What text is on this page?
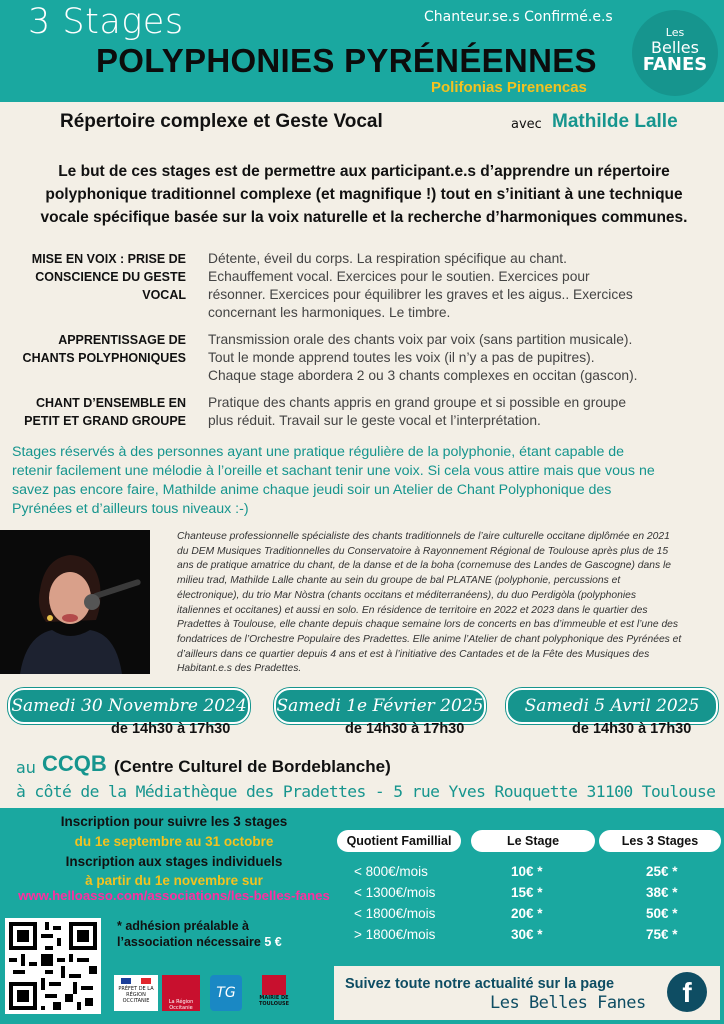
3 Stages	Chanteur.se.s Confirmé.e.s
POLYPHONIES PYRÉNÉENNES
Polifonias Pirenencas
Les
Belles
FANES
Répertoire complexe et Geste Vocal	avec Mathilde Lalle
Le but de ces stages est de permettre aux participant.e.s d’apprendre un répertoire
polyphonique traditionnel complexe (et magnifique !) tout en s’initiant à une technique
vocale spécifique basée sur la voix naturelle et la recherche d’harmoniques communes.
MISE EN VOIX : PRISE DE
CONSCIENCE DU GESTE
VOCAL
Détente, éveil du corps. La respiration spécifique au chant.
Echauffement vocal. Exercices pour le soutien. Exercices pour
résonner. Exercices pour équilibrer les graves et les aigus.. Exercices
concernant les harmoniques. Le timbre.
APPRENTISSAGE DE
CHANTS POLYPHONIQUES
Transmission orale des chants voix par voix (sans partition musicale).
Tout le monde apprend toutes les voix (il n’y a pas de pupitres).
Chaque stage abordera 2 ou 3 chants complexes en occitan (gascon).
CHANT D’ENSEMBLE EN
PETIT ET GRAND GROUPE
Pratique des chants appris en grand groupe et si possible en groupe
plus réduit. Travail sur le geste vocal et l’interprétation.
Stages réservés à des personnes ayant une pratique régulière de la polyphonie, étant capable de
retenir facilement une mélodie à l’oreille et sachant tenir une voix. Si cela vous attire mais que vous ne
savez pas encore faire, Mathilde anime chaque jeudi soir un Atelier de Chant Polyphonique des
Pyrénées et d’ailleurs tous niveaux :-)
Chanteuse professionnelle spécialiste des chants traditionnels de l’aire culturelle occitane diplômée en 2021
du DEM Musiques Traditionnelles du Conservatoire à Rayonnement Régional de Toulouse après plus de 15
ans de pratique amatrice du chant, de la danse et de la boha (cornemuse des Landes de Gascogne) dans le
milieu trad, Mathilde Lalle chante au sein du groupe de bal PLATANE (polyphonie, percussions et
électronique), du trio Mar Nòstra (chants occitans et méditerranéens), du duo Perdigòla (polyphonies
italiennes et occitanes) et aussi en solo. En résidence de territoire en 2022 et 2023 dans le quartier des
Pradettes à Toulouse, elle chante depuis chaque semaine lors de concerts en bas d’immeuble et est l’une des
fondatrices de l’Orchestre Populaire des Pradettes. Elle anime l’Atelier de chant polyphonique des Pyrénées et
d’ailleurs dans ce quartier depuis 4 ans et est à l’initiative des Cantades et de la Fête des Musiques des
Habitant.e.s des Pradettes.
Samedi 30 Novembre 2024
de 14h30 à 17h30
Samedi 1e Février 2025
de 14h30 à 17h30
Samedi 5 Avril 2025
de 14h30 à 17h30
au CCQB (Centre Culturel de Bordeblanche)
à côté de la Médiathèque des Pradettes - 5 rue Yves Rouquette 31100 Toulouse
Inscription pour suivre les 3 stages
du 1e septembre au 31 octobre
Inscription aux stages individuels
à partir du 1e novembre sur
www.helloasso.com/associations/les-belles-fanes
Quotient Famillial	Le Stage	Les 3 Stages
< 800€/mois	10€ *	25€ *
< 1300€/mois	15€ *	38€ *
< 1800€/mois	20€ *	50€ *
> 1800€/mois	30€ *	75€ *
* adhésion préalable à
l’association nécessaire 5 €
PRÉFET DE LA RÉGION OCCITANIE	La Région Occitanie
TG	MAIRIE DE TOULOUSE
Suivez toute notre actualité sur la page
Les Belles Fanes	f
